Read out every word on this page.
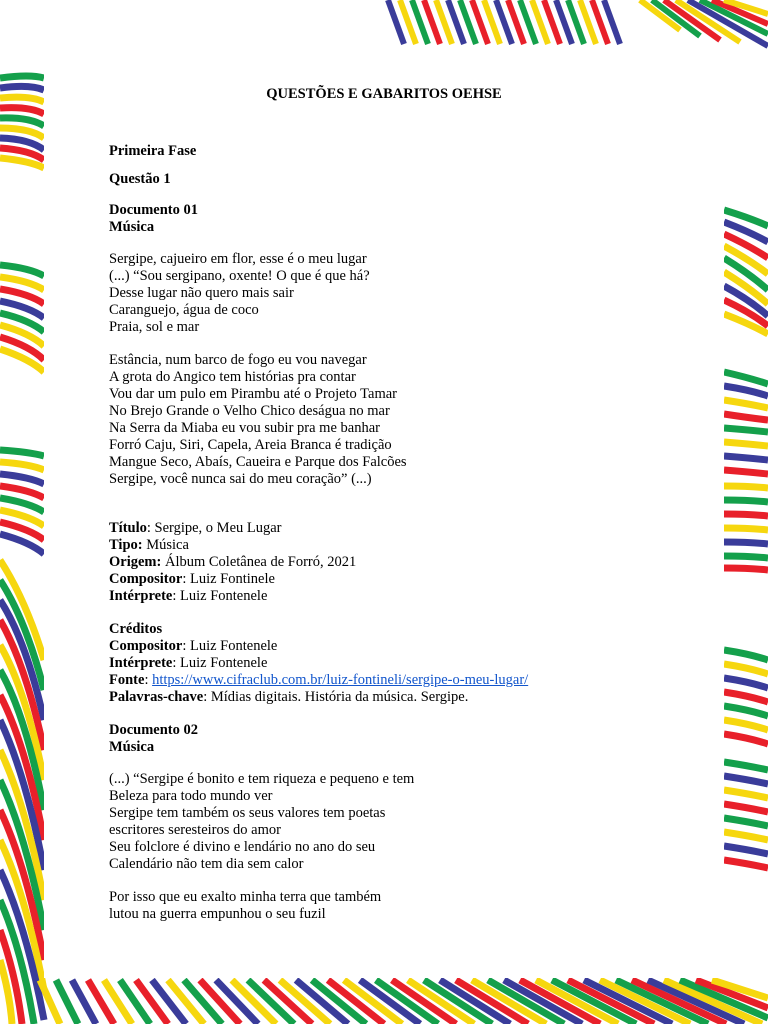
QUESTÕES E GABARITOS OEHSE
Primeira Fase
Questão 1
Documento 01
Música
Sergipe, cajueiro em flor, esse é o meu lugar
(...) “Sou sergipano, oxente! O que é que há?
Desse lugar não quero mais sair
Caranguejo, água de coco
Praia, sol e mar
Estância, num barco de fogo eu vou navegar
A grota do Angico tem histórias pra contar
Vou dar um pulo em Pirambu até o Projeto Tamar
No Brejo Grande o Velho Chico deságua no mar
Na Serra da Miaba eu vou subir pra me banhar
Forró Caju, Siri, Capela, Areia Branca é tradição
Mangue Seco, Abaís, Caueira e Parque dos Falcões
Sergipe, você nunca sai do meu coração” (...)
Título: Sergipe, o Meu Lugar
Tipo: Música
Origem: Álbum Coletânea de Forró, 2021
Compositor: Luiz Fontinele
Intérprete: Luiz Fontenele
Créditos
Compositor: Luiz Fontenele
Intérprete: Luiz Fontenele
Fonte: https://www.cifraclub.com.br/luiz-fontineli/sergipe-o-meu-lugar/
Palavras-chave: Mídias digitais. História da música. Sergipe.
Documento 02
Música
(...) “Sergipe é bonito e tem riqueza e pequeno e tem
Beleza para todo mundo ver
Sergipe tem também os seus valores tem poetas
escritores seresteiros do amor
Seu folclore é divino e lendário no ano do seu
Calendário não tem dia sem calor
Por isso que eu exalto minha terra que também
lutou na guerra empunhou o seu fuzil
